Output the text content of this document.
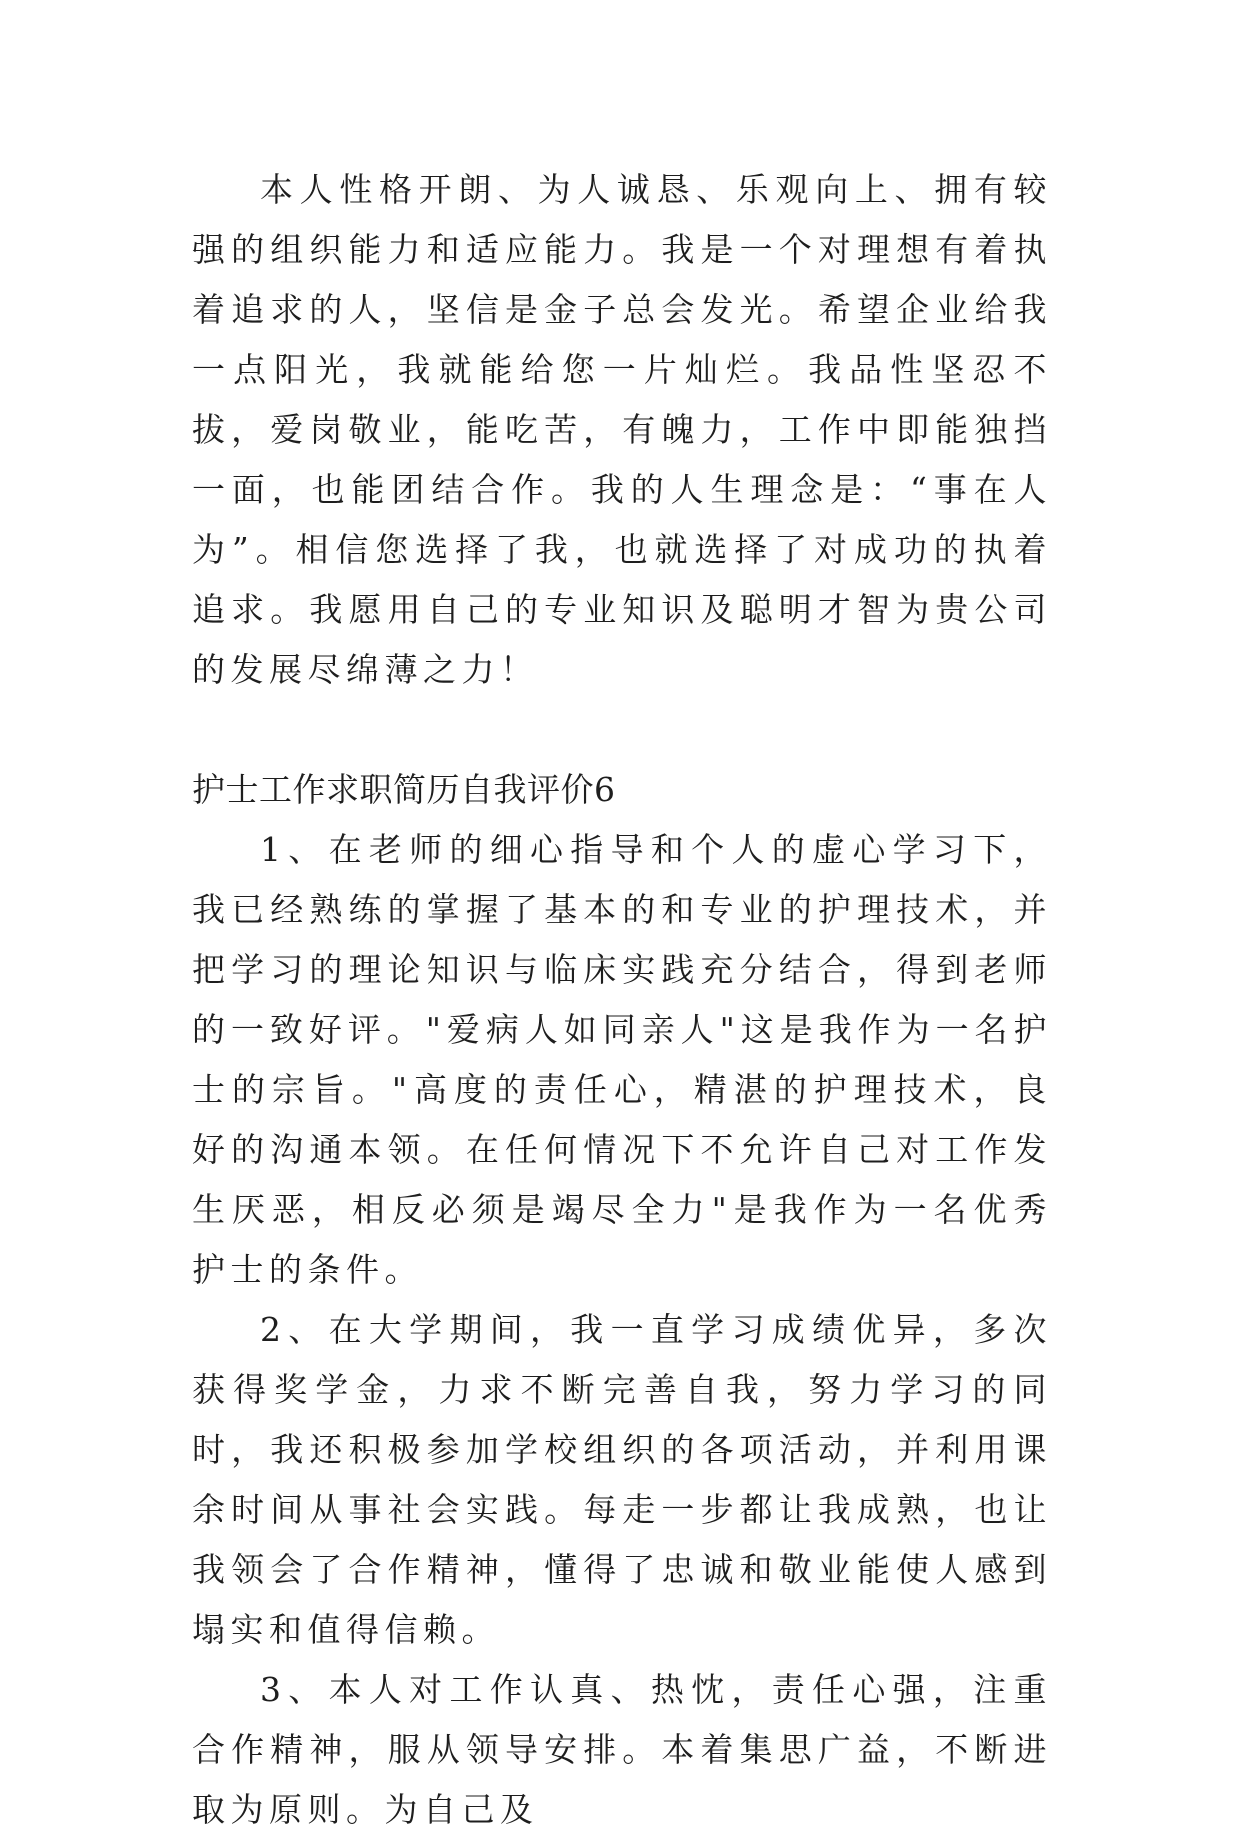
本人性格开朗、为人诚恳、乐观向上、拥有较强的组织能力和适应能力。我是一个对理想有着执着追求的人，坚信是金子总会发光。希望企业给我一点阳光，我就能给您一片灿烂。我品性坚忍不拔，爱岗敬业，能吃苦，有魄力，工作中即能独挡一面，也能团结合作。我的人生理念是：“事在人为”。相信您选择了我，也就选择了对成功的执着追求。我愿用自己的专业知识及聪明才智为贵公司的发展尽绵薄之力！

护士工作求职简历自我评价6

1、在老师的细心指导和个人的虚心学习下，我已经熟练的掌握了基本的和专业的护理技术，并把学习的理论知识与临床实践充分结合，得到老师的一致好评。"爱病人如同亲人"这是我作为一名护士的宗旨。"高度的责任心，精湛的护理技术，良好的沟通本领。在任何情况下不允许自己对工作发生厌恶，相反必须是竭尽全力"是我作为一名优秀护士的条件。

2、在大学期间，我一直学习成绩优异，多次获得奖学金，力求不断完善自我，努力学习的同时，我还积极参加学校组织的各项活动，并利用课余时间从事社会实践。每走一步都让我成熟，也让我领会了合作精神，懂得了忠诚和敬业能使人感到塌实和值得信赖。

3、本人对工作认真、热忱，责任心强，注重合作精神，服从领导安排。本着集思广益，不断进取为原则。为自己及
